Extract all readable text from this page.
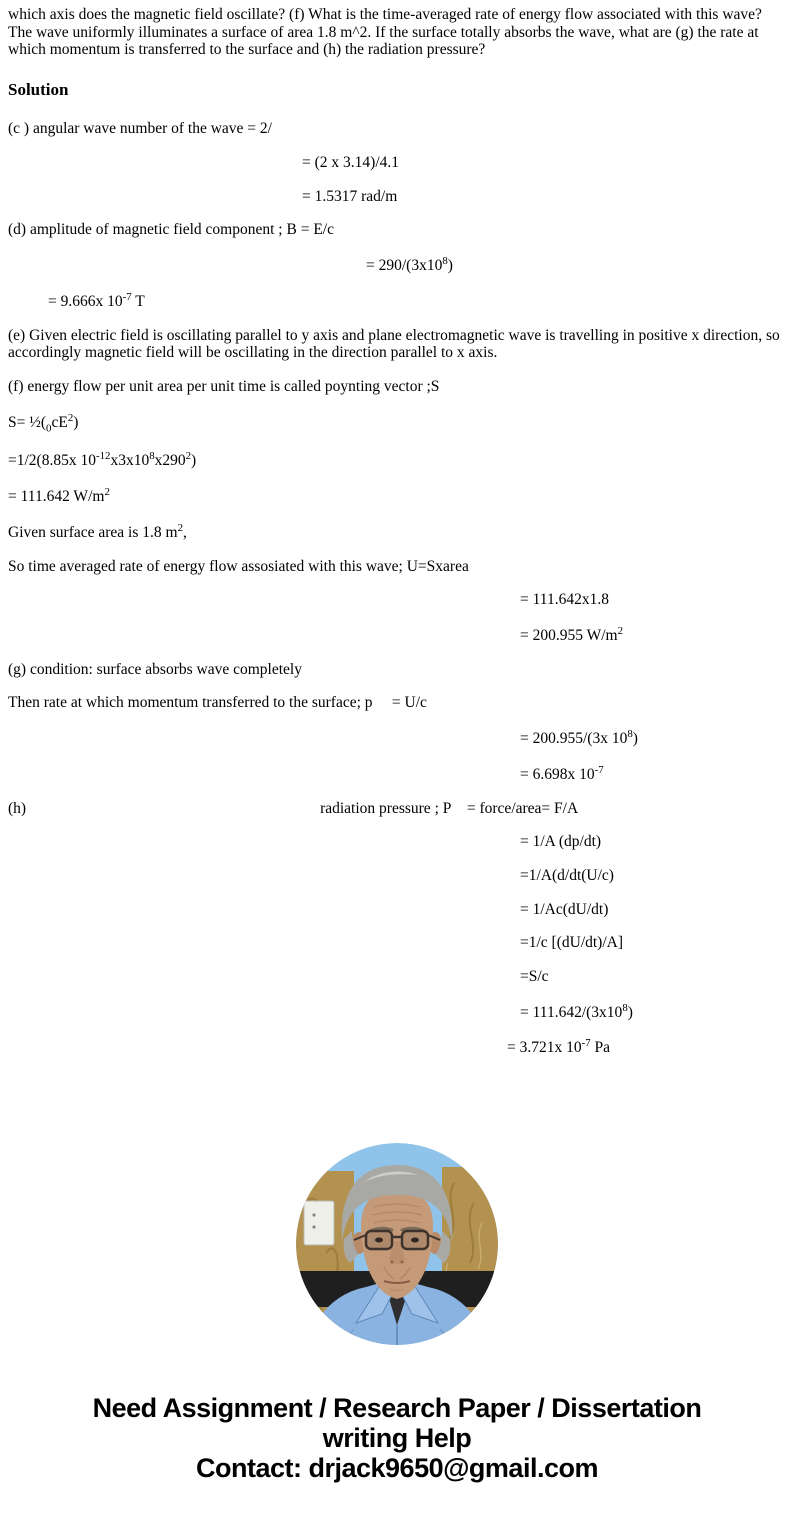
which axis does the magnetic field oscillate? (f) What is the time-averaged rate of energy flow associated with this wave? The wave uniformly illuminates a surface of area 1.8 m^2. If the surface totally absorbs the wave, what are (g) the rate at which momentum is transferred to the surface and (h) the radiation pressure?

Solution

(c ) angular wave number of the wave = 2/

= (2 x 3.14)/4.1

= 1.5317 rad/m

(d) amplitude of magnetic field component ; B = E/c

= $290/(3x10^8)$

= 9.666x $10^{-7}$ T

(e) Given electric field is oscillating parallel to y axis and plane electromagnetic wave is travelling in positive x direction, so accordingly magnetic field will be oscillating in the direction parallel to x axis.

(f) energy flow per unit area per unit time is called poynting vector ;S

$S= \frac{1}{2}(_0cE^2)$

=1/2(8.85x $10^{-12}x3x10^8x290^2$)

= 111.642 $W/m^2$

Given surface area is 1.8 $m^2$,

So time averaged rate of energy flow assosiated with this wave; U=Sxarea

= 111.642x1.8

= 200.955 $W/m^2$

(g) condition: surface absorbs wave completely

Then rate at which momentum transferred to the surface; p     = U/c

= 200.955/(3x $10^8$)

= 6.698x $10^{-7}$

(h)	radiation pressure ; P    = force/area= F/A

= 1/A (dp/dt)

=1/A(d/dt(U/c)

= 1/Ac(dU/dt)

=1/c [(dU/dt)/A]

=S/c

= $111.642/(3x10^8)$

= 3.721x $10^{-7}$ Pa

Need Assignment / Research Paper / Dissertation
writing Help
Contact: drjack9650@gmail.com
